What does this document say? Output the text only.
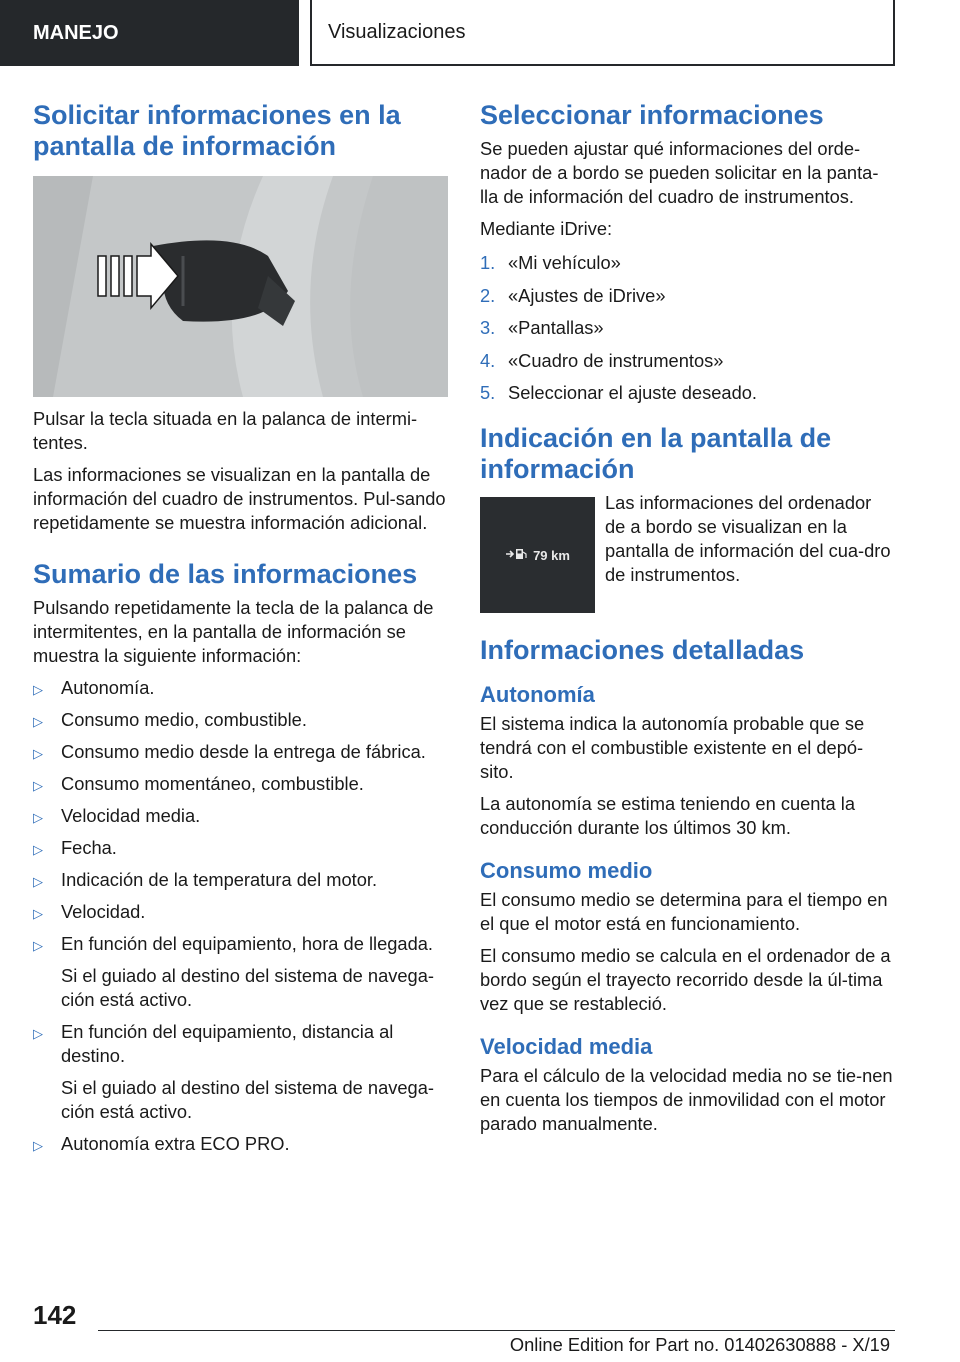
MANEJO	Visualizaciones
Solicitar informaciones en la pantalla de información

Pulsar la tecla situada en la palanca de intermi‐tentes.

Las informaciones se visualizan en la pantalla de información del cuadro de instrumentos. Pul‐sando repetidamente se muestra información adicional.

Sumario de las informaciones

Pulsando repetidamente la tecla de la palanca de intermitentes, en la pantalla de información se muestra la siguiente información:

▷ Autonomía.
▷ Consumo medio, combustible.
▷ Consumo medio desde la entrega de fábrica.
▷ Consumo momentáneo, combustible.
▷ Velocidad media.
▷ Fecha.
▷ Indicación de la temperatura del motor.
▷ Velocidad.
▷ En función del equipamiento, hora de llegada.
Si el guiado al destino del sistema de navega‐ción está activo.
▷ En función del equipamiento, distancia al destino.
Si el guiado al destino del sistema de navega‐ción está activo.
▷ Autonomía extra ECO PRO.
Seleccionar informaciones

Se pueden ajustar qué informaciones del orde‐nador de a bordo se pueden solicitar en la panta‐lla de información del cuadro de instrumentos.

Mediante iDrive:

1. «Mi vehículo»
2. «Ajustes de iDrive»
3. «Pantallas»
4. «Cuadro de instrumentos»
5. Seleccionar el ajuste deseado.
Indicación en la pantalla de información
79 km

Las informaciones del ordenador de a bordo se visualizan en la pantalla de información del cua‐dro de instrumentos.

Informaciones detalladas
Autonomía

El sistema indica la autonomía probable que se tendrá con el combustible existente en el depó‐sito.

La autonomía se estima teniendo en cuenta la conducción durante los últimos 30 km.

Consumo medio

El consumo medio se determina para el tiempo en el que el motor está en funcionamiento.

El consumo medio se calcula en el ordenador de a bordo según el trayecto recorrido desde la úl‐tima vez que se restableció.

Velocidad media

Para el cálculo de la velocidad media no se tie‐nen en cuenta los tiempos de inmovilidad con el motor parado manualmente.

142
Online Edition for Part no. 01402630888 - X/19
